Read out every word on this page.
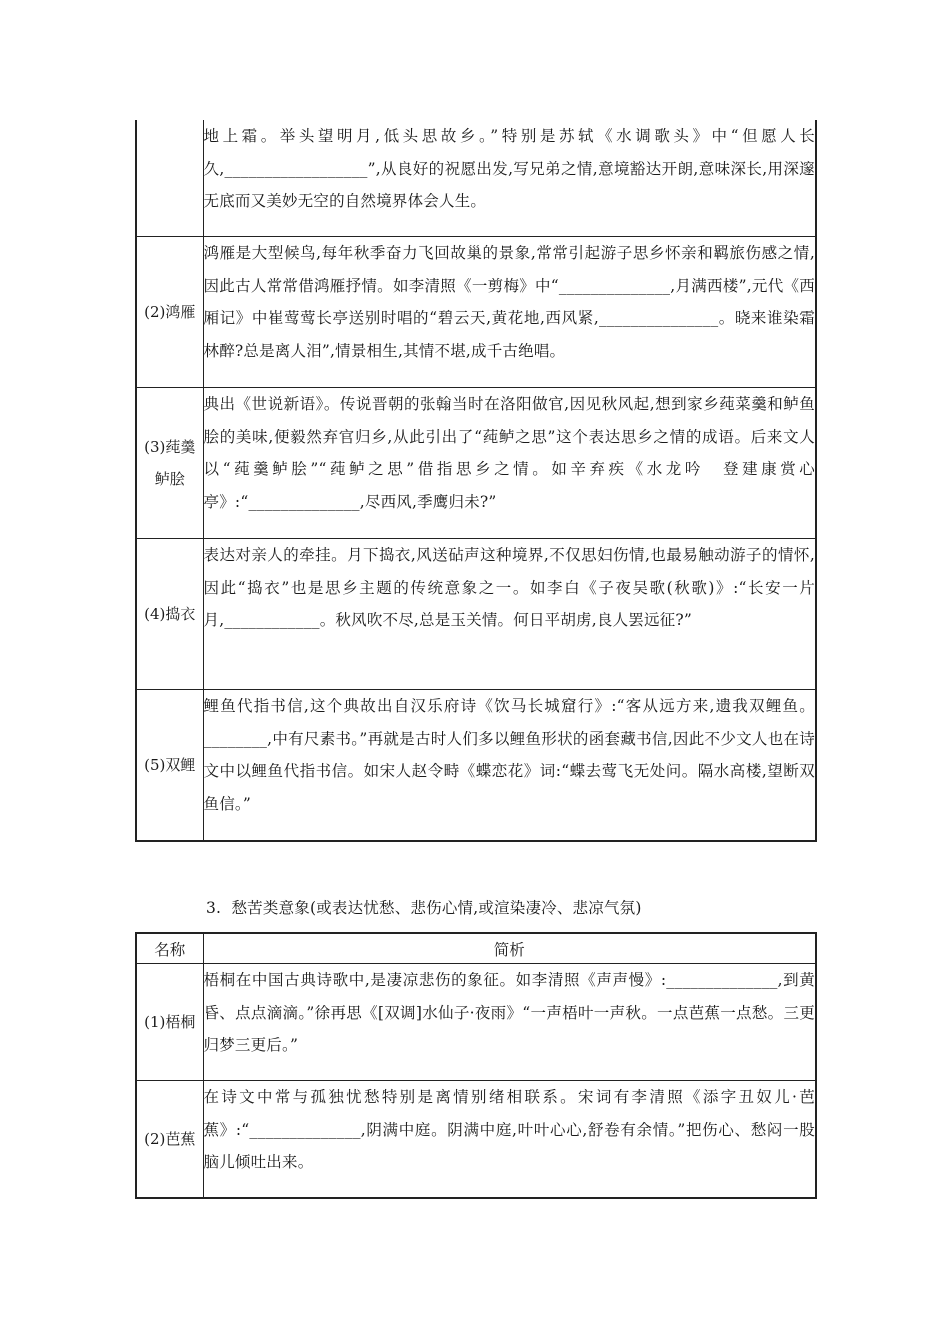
	地上霜。举头望明月,低头思故乡。”特别是苏轼《水调歌头》中“但愿人长久,__________________”,从良好的祝愿出发,写兄弟之情,意境豁达开朗,意味深长,用深邃无底而又美妙无空的自然境界体会人生。
(2)鸿雁	鸿雁是大型候鸟,每年秋季奋力飞回故巢的景象,常常引起游子思乡怀亲和羁旅伤感之情,因此古人常常借鸿雁抒情。如李清照《一剪梅》中“______________,月满西楼”,元代《西厢记》中崔莺莺长亭送别时唱的“碧云天,黄花地,西风紧,_______________。晓来谁染霜林醉?总是离人泪”,情景相生,其情不堪,成千古绝唱。
(3)莼羹鲈脍	典出《世说新语》。传说晋朝的张翰当时在洛阳做官,因见秋风起,想到家乡莼菜羹和鲈鱼脍的美味,便毅然弃官归乡,从此引出了“莼鲈之思”这个表达思乡之情的成语。后来文人以“莼羹鲈脍”“莼鲈之思”借指思乡之情。如辛弃疾《水龙吟　登建康赏心亭》:“______________,尽西风,季鹰归未?”
(4)捣衣	表达对亲人的牵挂。月下捣衣,风送砧声这种境界,不仅思妇伤情,也最易触动游子的情怀,因此“捣衣”也是思乡主题的传统意象之一。如李白《子夜吴歌(秋歌)》:“长安一片月,____________。秋风吹不尽,总是玉关情。何日平胡虏,良人罢远征?”
(5)双鲤	鲤鱼代指书信,这个典故出自汉乐府诗《饮马长城窟行》:“客从远方来,遗我双鲤鱼。________,中有尺素书。”再就是古时人们多以鲤鱼形状的函套藏书信,因此不少文人也在诗文中以鲤鱼代指书信。如宋人赵令畤《蝶恋花》词:“蝶去莺飞无处问。隔水高楼,望断双鱼信。”
3. 愁苦类意象(或表达忧愁、悲伤心情,或渲染凄冷、悲凉气氛)
名称	简析
(1)梧桐	梧桐在中国古典诗歌中,是凄凉悲伤的象征。如李清照《声声慢》:______________,到黄昏、点点滴滴。”徐再思《[双调]水仙子·夜雨》“一声梧叶一声秋。一点芭蕉一点愁。三更归梦三更后。”
(2)芭蕉	在诗文中常与孤独忧愁特别是离情别绪相联系。宋词有李清照《添字丑奴儿·芭蕉》:“______________,阴满中庭。阴满中庭,叶叶心心,舒卷有余情。”把伤心、愁闷一股脑儿倾吐出来。
